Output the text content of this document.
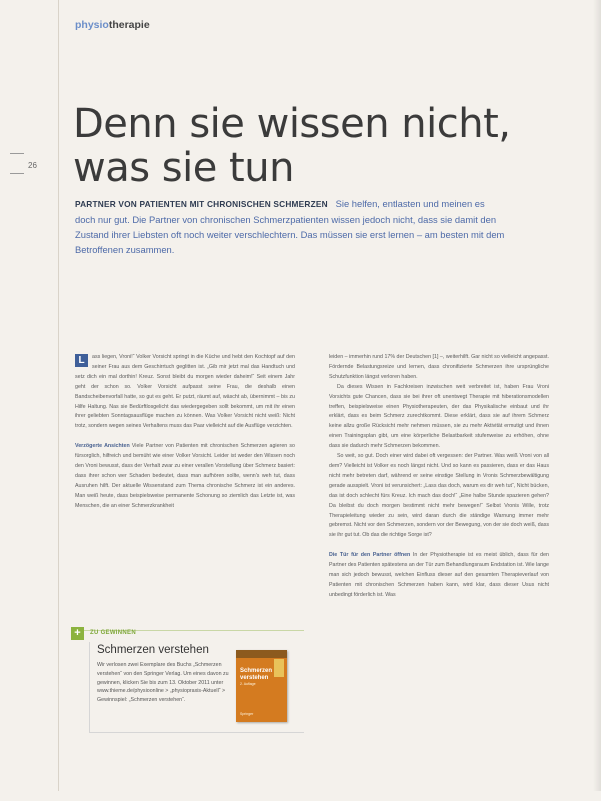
physiotherapie
26
Denn sie wissen nicht,
was sie tun
PARTNER VON PATIENTEN MIT CHRONISCHEN SCHMERZEN Sie helfen, entlasten und meinen es doch nur gut. Die Partner von chronischen Schmerzpatienten wissen jedoch nicht, dass sie damit den Zustand ihrer Liebsten oft noch weiter verschlechtern. Das müssen sie erst lernen – am besten mit dem Betroffenen zusammen.

L	ass liegen, Vroni!“ Volker Vorsicht springt in die Küche und hebt den Kochtopf auf den seiner Frau aus dem Geschirrtuch geglitten ist. „Gib mir jetzt mal das Handtuch und setz dich ein mal dorthin! Kreuz. Sonst bleibt du morgen wieder daheim!“ Seit einem Jahr geht der schon so. Volker Vorsicht aufpasst seine Frau, die deshalb einen Bandscheibenvorfall hatte, so gut es geht. Er putzt, räumt auf, wäscht ab, übernimmt – bis zu Hilfe Haltung. Nas sie Bedürftlosgelicht das wiedergegeben sollt bekommt, um mit ihr einen ihrer geliebten Sonntagsausflüge machen zu können. Was Volker Vorsicht nicht weiß: Nicht trotz, sondern wegen seines Verhaltens muss das Paar vielleicht auf die Ausflüge verzichten.

Verzögerte Ansichten Viele Partner von Patienten mit chronischen Schmerzen agieren so fürsorglich, hilfreich und bemüht wie einer Volker Vorsicht. Leider ist weder den Wissen noch den Vroni bewusst, dass der Verhalt zwar zu einer verallen Vorstellung über Schmerz basiert: dass ihrer schon wer Schaden bedeutet, dass man aufhören sollte, wenn's weh tut, dass Ausruhen hilft. Der aktuelle Wissenstand zum Thema chronische Schmerz ist ein anderes. Man weiß heute, dass beispielsweise permanente Schonung so ziemlich das Letzte ist, was Menschen, die an einer Schmerzkrankheit

leiden – immerhin rund 17% der Deutschen [1] –, weiterhilft. Gar nicht so vielleicht angepasst. Fördernde Belastungsreize und lernen, dass chronifizierte Schmerzen ihre ursprüngliche Schutzfunktion längst verloren haben.

Da dieses Wissen in Fachkreisen inzwischen weit verbreitet ist, haben Frau Vroni Vorsichts gute Chancen, dass sie bei ihrer oft unentwegt Therapie mit hiberationsmodellen treffen, beispielsweise einen Physiotherapeuten, der das Physikalische einbaut und ihr erklärt, dass es beim Schmerz zurechtkommt. Diese erklärt, dass sie auf ihrem Schmerz keine allzu große Rücksicht mehr nehmen müssen, sie zu mehr Aktivität ermutigt und ihnen einen Trainingsplan gibt, um eine körperliche Belastbarkeit stufenweise zu erhöhen, ohne dass sie dadurch mehr Schmerzen bekommen.

So weit, so gut. Doch einer wird dabei oft vergessen: der Partner. Was weiß Vroni von all dem? Vielleicht ist Volker es noch längst nicht. Und so kann es passieren, dass er das Haus nicht mehr betreten darf, während er seine einstige Stellung in Vronis Schmerzbewältigung gerade ausspielt. Vroni ist verunsichert: „Lass das doch, warum es dir weh tut“, Nicht bücken, das ist doch schlecht fürs Kreuz. Ich mach das doch!“ „Eine halbe Stunde spazieren gehen? Da bleibst du doch morgen bestimmt nicht mehr bewegen!“ Selbst Vronis Wille, trotz Therapieleitung wieder zu sein, wird daran durch die ständige Warnung immer mehr gebremst. Nicht vor den Schmerzen, sondern vor der Bewegung, von der sie doch weiß, dass sie ihr gut tut. Ob das die richtige Sorge ist?

Die Tür für den Partner öffnen In der Physiotherapie ist es meist üblich, dass für den Partner des Patienten spätestens an der Tür zum Behandlungsraum Endstation ist. Wie lange man sich jedoch bewusst, welchen Einfluss dieser auf den gesamten Therapieverlauf von Patienten mit chronischen Schmerzen haben kann, wird klar, dass dieser Usus nicht unbedingt förderlich ist. Was

+	ZU GEWINNEN
Schmerzen verstehen
Wir verlosen zwei Exemplare des Buchs „Schmerzen verstehen“ von den Springer Verlag. Um eines davon zu gewinnen, klicken Sie bis zum 13. Oktober 2011 unter www.thieme.de/physioonline > „physiopraxis-Aktuell“ > Gewinnspiel: „Schmerzen verstehen“.
Schmerzen verstehen
2. Auflage
Springer
